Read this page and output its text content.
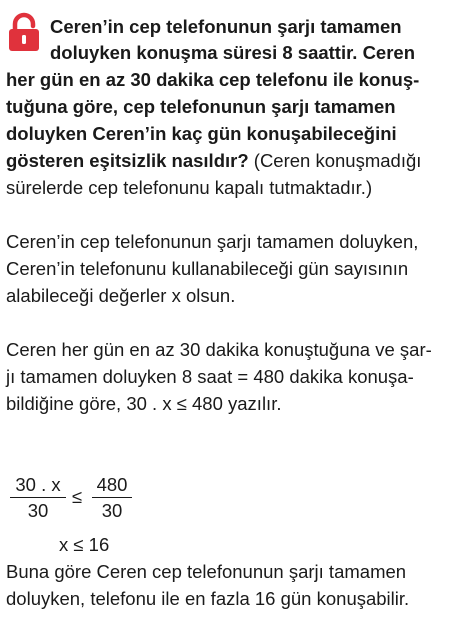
Ceren’in cep telefonunun şarjı tamamen
doluyken konuşma süresi 8 saattir. Ceren
her gün en az 30 dakika cep telefonu ile konuş-
tuğuna göre, cep telefonunun şarjı tamamen
doluyken Ceren’in kaç gün konuşabileceğini
gösteren eşitsizlik nasıldır? (Ceren konuşmadığı
sürelerde cep telefonunu kapalı tutmaktadır.)
Ceren’in cep telefonunun şarjı tamamen doluyken,
Ceren’in telefonunu kullanabileceği gün sayısının
alabileceği değerler x olsun.
Ceren her gün en az 30 dakika konuştuğuna ve şar-
jı tamamen doluyken 8 saat = 480 dakika konuşa-
bildiğine göre, 30 . x ≤ 480 yazılır.
30 . x
30
≤
480
30
x ≤ 16
Buna göre Ceren cep telefonunun şarjı tamamen
doluyken, telefonu ile en fazla 16 gün konuşabilir.
